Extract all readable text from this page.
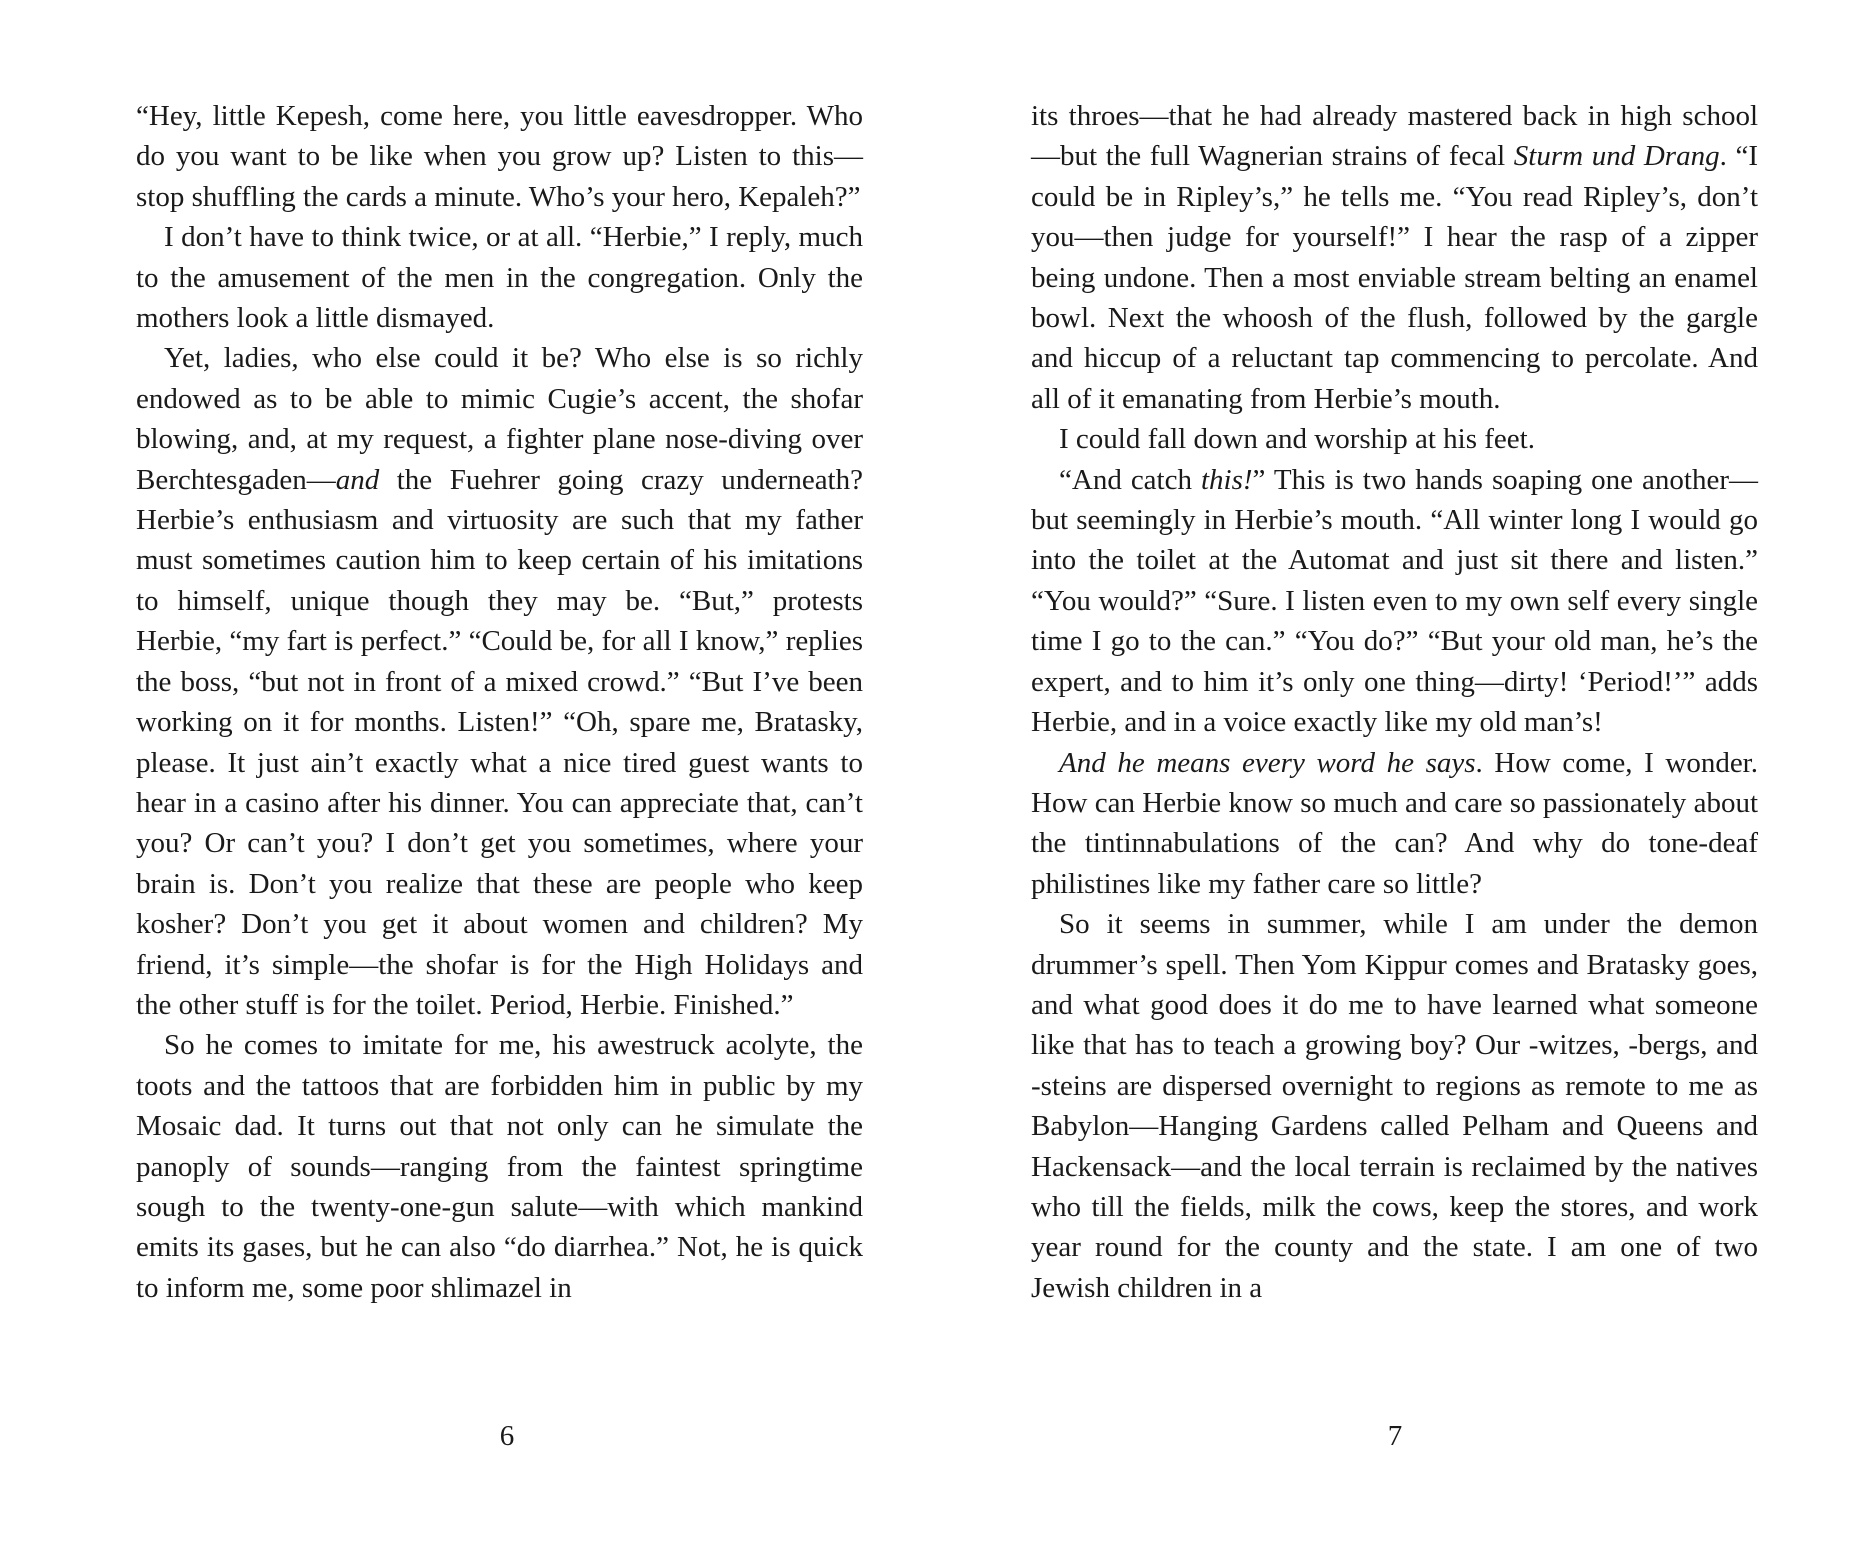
“Hey, little Kepesh, come here, you little eavesdropper. Who do you want to be like when you grow up? Listen to this—stop shuffling the cards a minute. Who’s your hero, Kepaleh?”

I don’t have to think twice, or at all. “Herbie,” I reply, much to the amusement of the men in the congregation. Only the mothers look a little dismayed.

Yet, ladies, who else could it be? Who else is so richly endowed as to be able to mimic Cugie’s accent, the shofar blowing, and, at my request, a fighter plane nose-diving over Berchtesgaden—and the Fuehrer going crazy underneath? Herbie’s enthusiasm and virtuosity are such that my father must sometimes caution him to keep certain of his imitations to himself, unique though they may be. “But,” protests Herbie, “my fart is perfect.” “Could be, for all I know,” replies the boss, “but not in front of a mixed crowd.” “But I’ve been working on it for months. Listen!” “Oh, spare me, Bratasky, please. It just ain’t exactly what a nice tired guest wants to hear in a casino after his dinner. You can appreciate that, can’t you? Or can’t you? I don’t get you sometimes, where your brain is. Don’t you realize that these are people who keep kosher? Don’t you get it about women and children? My friend, it’s simple—the shofar is for the High Holidays and the other stuff is for the toilet. Period, Herbie. Finished.”

So he comes to imitate for me, his awestruck acolyte, the toots and the tattoos that are forbidden him in public by my Mosaic dad. It turns out that not only can he simulate the panoply of sounds—ranging from the faintest springtime sough to the twenty-one-gun salute—with which mankind emits its gases, but he can also “do diarrhea.” Not, he is quick to inform me, some poor shlimazel in

6

its throes—that he had already mastered back in high school—but the full Wagnerian strains of fecal Sturm und Drang. “I could be in Ripley’s,” he tells me. “You read Ripley’s, don’t you—then judge for yourself!” I hear the rasp of a zipper being undone. Then a most enviable stream belting an enamel bowl. Next the whoosh of the flush, followed by the gargle and hiccup of a reluctant tap commencing to percolate. And all of it emanating from Herbie’s mouth.

I could fall down and worship at his feet.

“And catch this!” This is two hands soaping one another—but seemingly in Herbie’s mouth. “All winter long I would go into the toilet at the Automat and just sit there and listen.” “You would?” “Sure. I listen even to my own self every single time I go to the can.” “You do?” “But your old man, he’s the expert, and to him it’s only one thing—dirty! ‘Period!’” adds Herbie, and in a voice exactly like my old man’s!

And he means every word he says. How come, I wonder. How can Herbie know so much and care so passionately about the tintinnabulations of the can? And why do tone-deaf philistines like my father care so little?

So it seems in summer, while I am under the demon drummer’s spell. Then Yom Kippur comes and Bratasky goes, and what good does it do me to have learned what someone like that has to teach a growing boy? Our -witzes, -bergs, and -steins are dispersed overnight to regions as remote to me as Babylon—Hanging Gardens called Pelham and Queens and Hackensack—and the local terrain is reclaimed by the natives who till the fields, milk the cows, keep the stores, and work year round for the county and the state. I am one of two Jewish children in a

7
